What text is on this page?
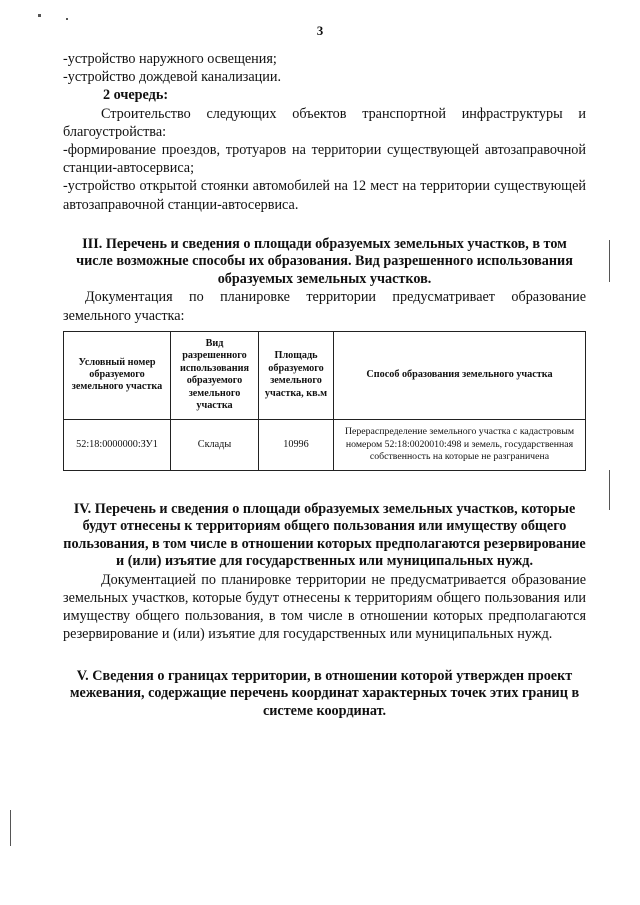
3

-устройство наружного освещения;

-устройство дождевой канализации.

2 очередь:

Строительство следующих объектов транспортной инфраструктуры и благоустройства:

-формирование проездов, тротуаров на территории существующей автозаправочной станции-автосервиса;

-устройство открытой стоянки автомобилей на 12 мест на территории существующей автозаправочной станции-автосервиса.

III. Перечень и сведения о площади образуемых земельных участков, в том числе возможные способы их образования. Вид разрешенного использования образуемых земельных участков.

Документация по планировке территории предусматривает образование земельного участка:

Условный номер образуемого земельного участка	Вид разрешенного использования образуемого земельного участка	Площадь образуемого земельного участка, кв.м	Способ образования земельного участка
52:18:0000000:ЗУ1	Склады	10996	Перераспределение земельного участка с кадастровым номером 52:18:0020010:498 и земель, государственная собственность на которые не разграничена
IV. Перечень и сведения о площади образуемых земельных участков, которые будут отнесены к территориям общего пользования или имуществу общего пользования, в том числе в отношении которых предполагаются резервирование и (или) изъятие для государственных или муниципальных нужд.

Документацией по планировке территории не предусматривается образование земельных участков, которые будут отнесены к территориям общего пользования или имуществу общего пользования, в том числе в отношении которых предполагаются резервирование и (или) изъятие для государственных или муниципальных нужд.

V. Сведения о границах территории, в отношении которой утвержден проект межевания, содержащие перечень координат характерных точек этих границ в системе координат.
